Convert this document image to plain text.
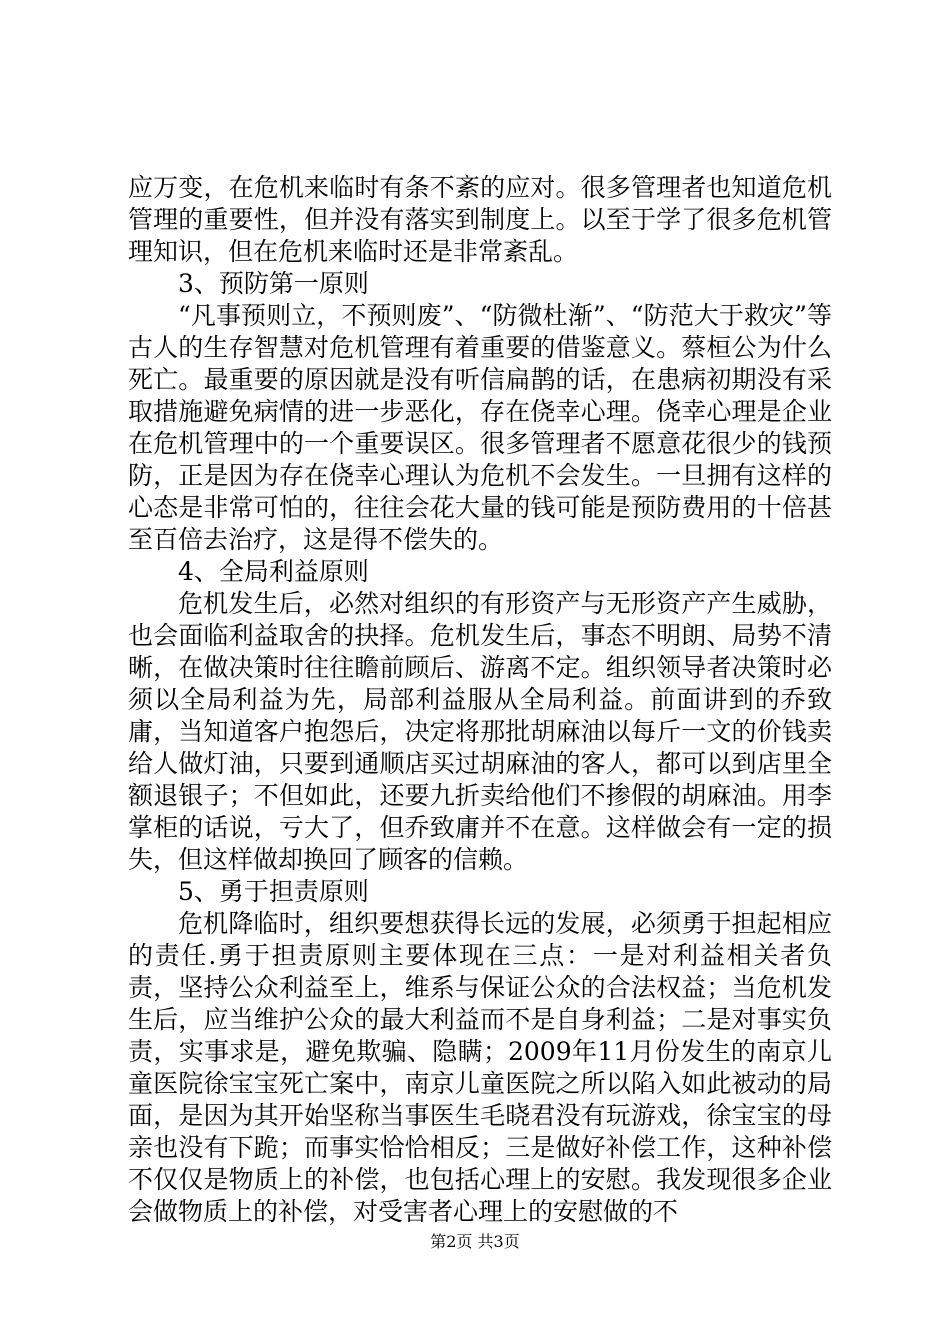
应万变，在危机来临时有条不紊的应对。很多管理者也知道危机管理的重要性，但并没有落实到制度上。以至于学了很多危机管理知识，但在危机来临时还是非常紊乱。

3、预防第一原则

“凡事预则立，不预则废”、“防微杜渐”、“防范大于救灾”等古人的生存智慧对危机管理有着重要的借鉴意义。蔡桓公为什么死亡。最重要的原因就是没有听信扁鹊的话，在患病初期没有采取措施避免病情的进一步恶化，存在侥幸心理。侥幸心理是企业在危机管理中的一个重要误区。很多管理者不愿意花很少的钱预防，正是因为存在侥幸心理认为危机不会发生。一旦拥有这样的心态是非常可怕的，往往会花大量的钱可能是预防费用的十倍甚至百倍去治疗，这是得不偿失的。

4、全局利益原则

危机发生后，必然对组织的有形资产与无形资产产生威胁，也会面临利益取舍的抉择。危机发生后，事态不明朗、局势不清晰，在做决策时往往瞻前顾后、游离不定。组织领导者决策时必须以全局利益为先，局部利益服从全局利益。前面讲到的乔致庸，当知道客户抱怨后，决定将那批胡麻油以每斤一文的价钱卖给人做灯油，只要到通顺店买过胡麻油的客人，都可以到店里全额退银子；不但如此，还要九折卖给他们不掺假的胡麻油。用李掌柜的话说，亏大了，但乔致庸并不在意。这样做会有一定的损失，但这样做却换回了顾客的信赖。

5、勇于担责原则

危机降临时，组织要想获得长远的发展，必须勇于担起相应的责任.勇于担责原则主要体现在三点：一是对利益相关者负责，坚持公众利益至上，维系与保证公众的合法权益；当危机发生后，应当维护公众的最大利益而不是自身利益；二是对事实负责，实事求是，避免欺骗、隐瞒；2009年11月份发生的南京儿童医院徐宝宝死亡案中，南京儿童医院之所以陷入如此被动的局面，是因为其开始坚称当事医生毛晓君没有玩游戏，徐宝宝的母亲也没有下跪；而事实恰恰相反；三是做好补偿工作，这种补偿不仅仅是物质上的补偿，也包括心理上的安慰。我发现很多企业会做物质上的补偿，对受害者心理上的安慰做的不

第2页 共3页
